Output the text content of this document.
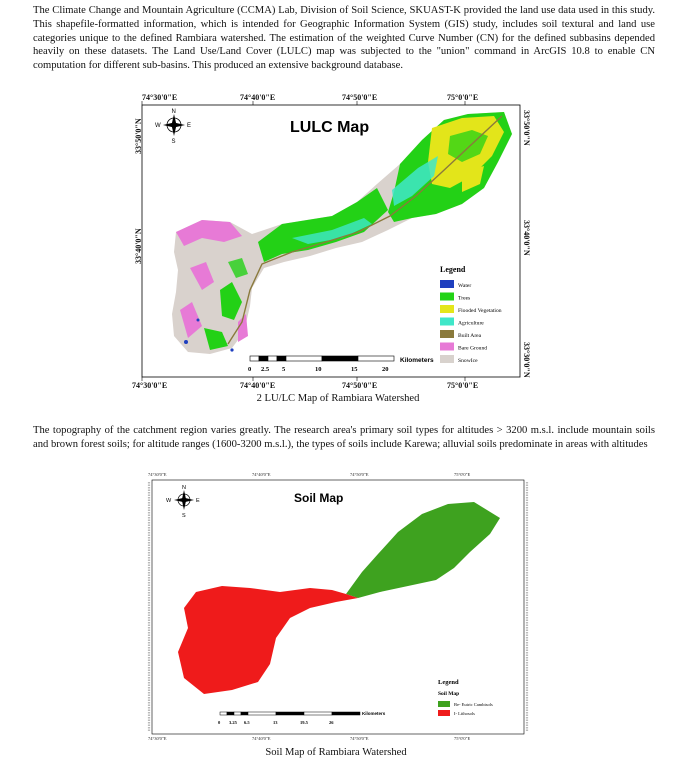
The Climate Change and Mountain Agriculture (CCMA) Lab, Division of Soil Science, SKUAST-K provided the land use data used in this study. This shapefile-formatted information, which is intended for Geographic Information System (GIS) study, includes soil textural and land use categories unique to the defined Rambiara watershed. The estimation of the weighted Curve Number (CN) for the defined subbasins depended heavily on these datasets. The Land Use/Land Cover (LULC) map was subjected to the "union" command in ArcGIS 10.8 to enable CN computation for different sub-basins. This produced an extensive background database.

74°30'0"E	74°40'0"E	74°50'0"E	75°0'0"E
74°30'0"E	74°40'0"E	74°50'0"E	75°0'0"E
33°50'0"N
33°40'0"N
33°50'0"N
33°40'0"N
33°30'0"N
N
S
E
W	LULC Map
Legend
Water
Trees
Flooded Vegetation
Agriculture
Built Area
Bare Ground
SnowIce
Kilometers
0 2.5 5	10	15	20
2 LU/LC Map of Rambiara Watershed

The topography of the catchment region varies greatly. The research area's primary soil types for altitudes > 3200 m.s.l. include mountain soils and brown forest soils; for altitude ranges (1600-3200 m.s.l.), the types of soils include Karewa; alluvial soils predominate in areas with altitudes

74°30'0"E	74°40'0"E	74°50'0"E	75°0'0"E
74°30'0"E	74°40'0"E	74°50'0"E	75°0'0"E
N
S
E
W	Soil Map
Legend
Soil Map
Be- Eutric Cambisols
I- Lithosols
Kilometers
0 3.25 6.5	13	19.5	26
Soil Map of Rambiara Watershed
